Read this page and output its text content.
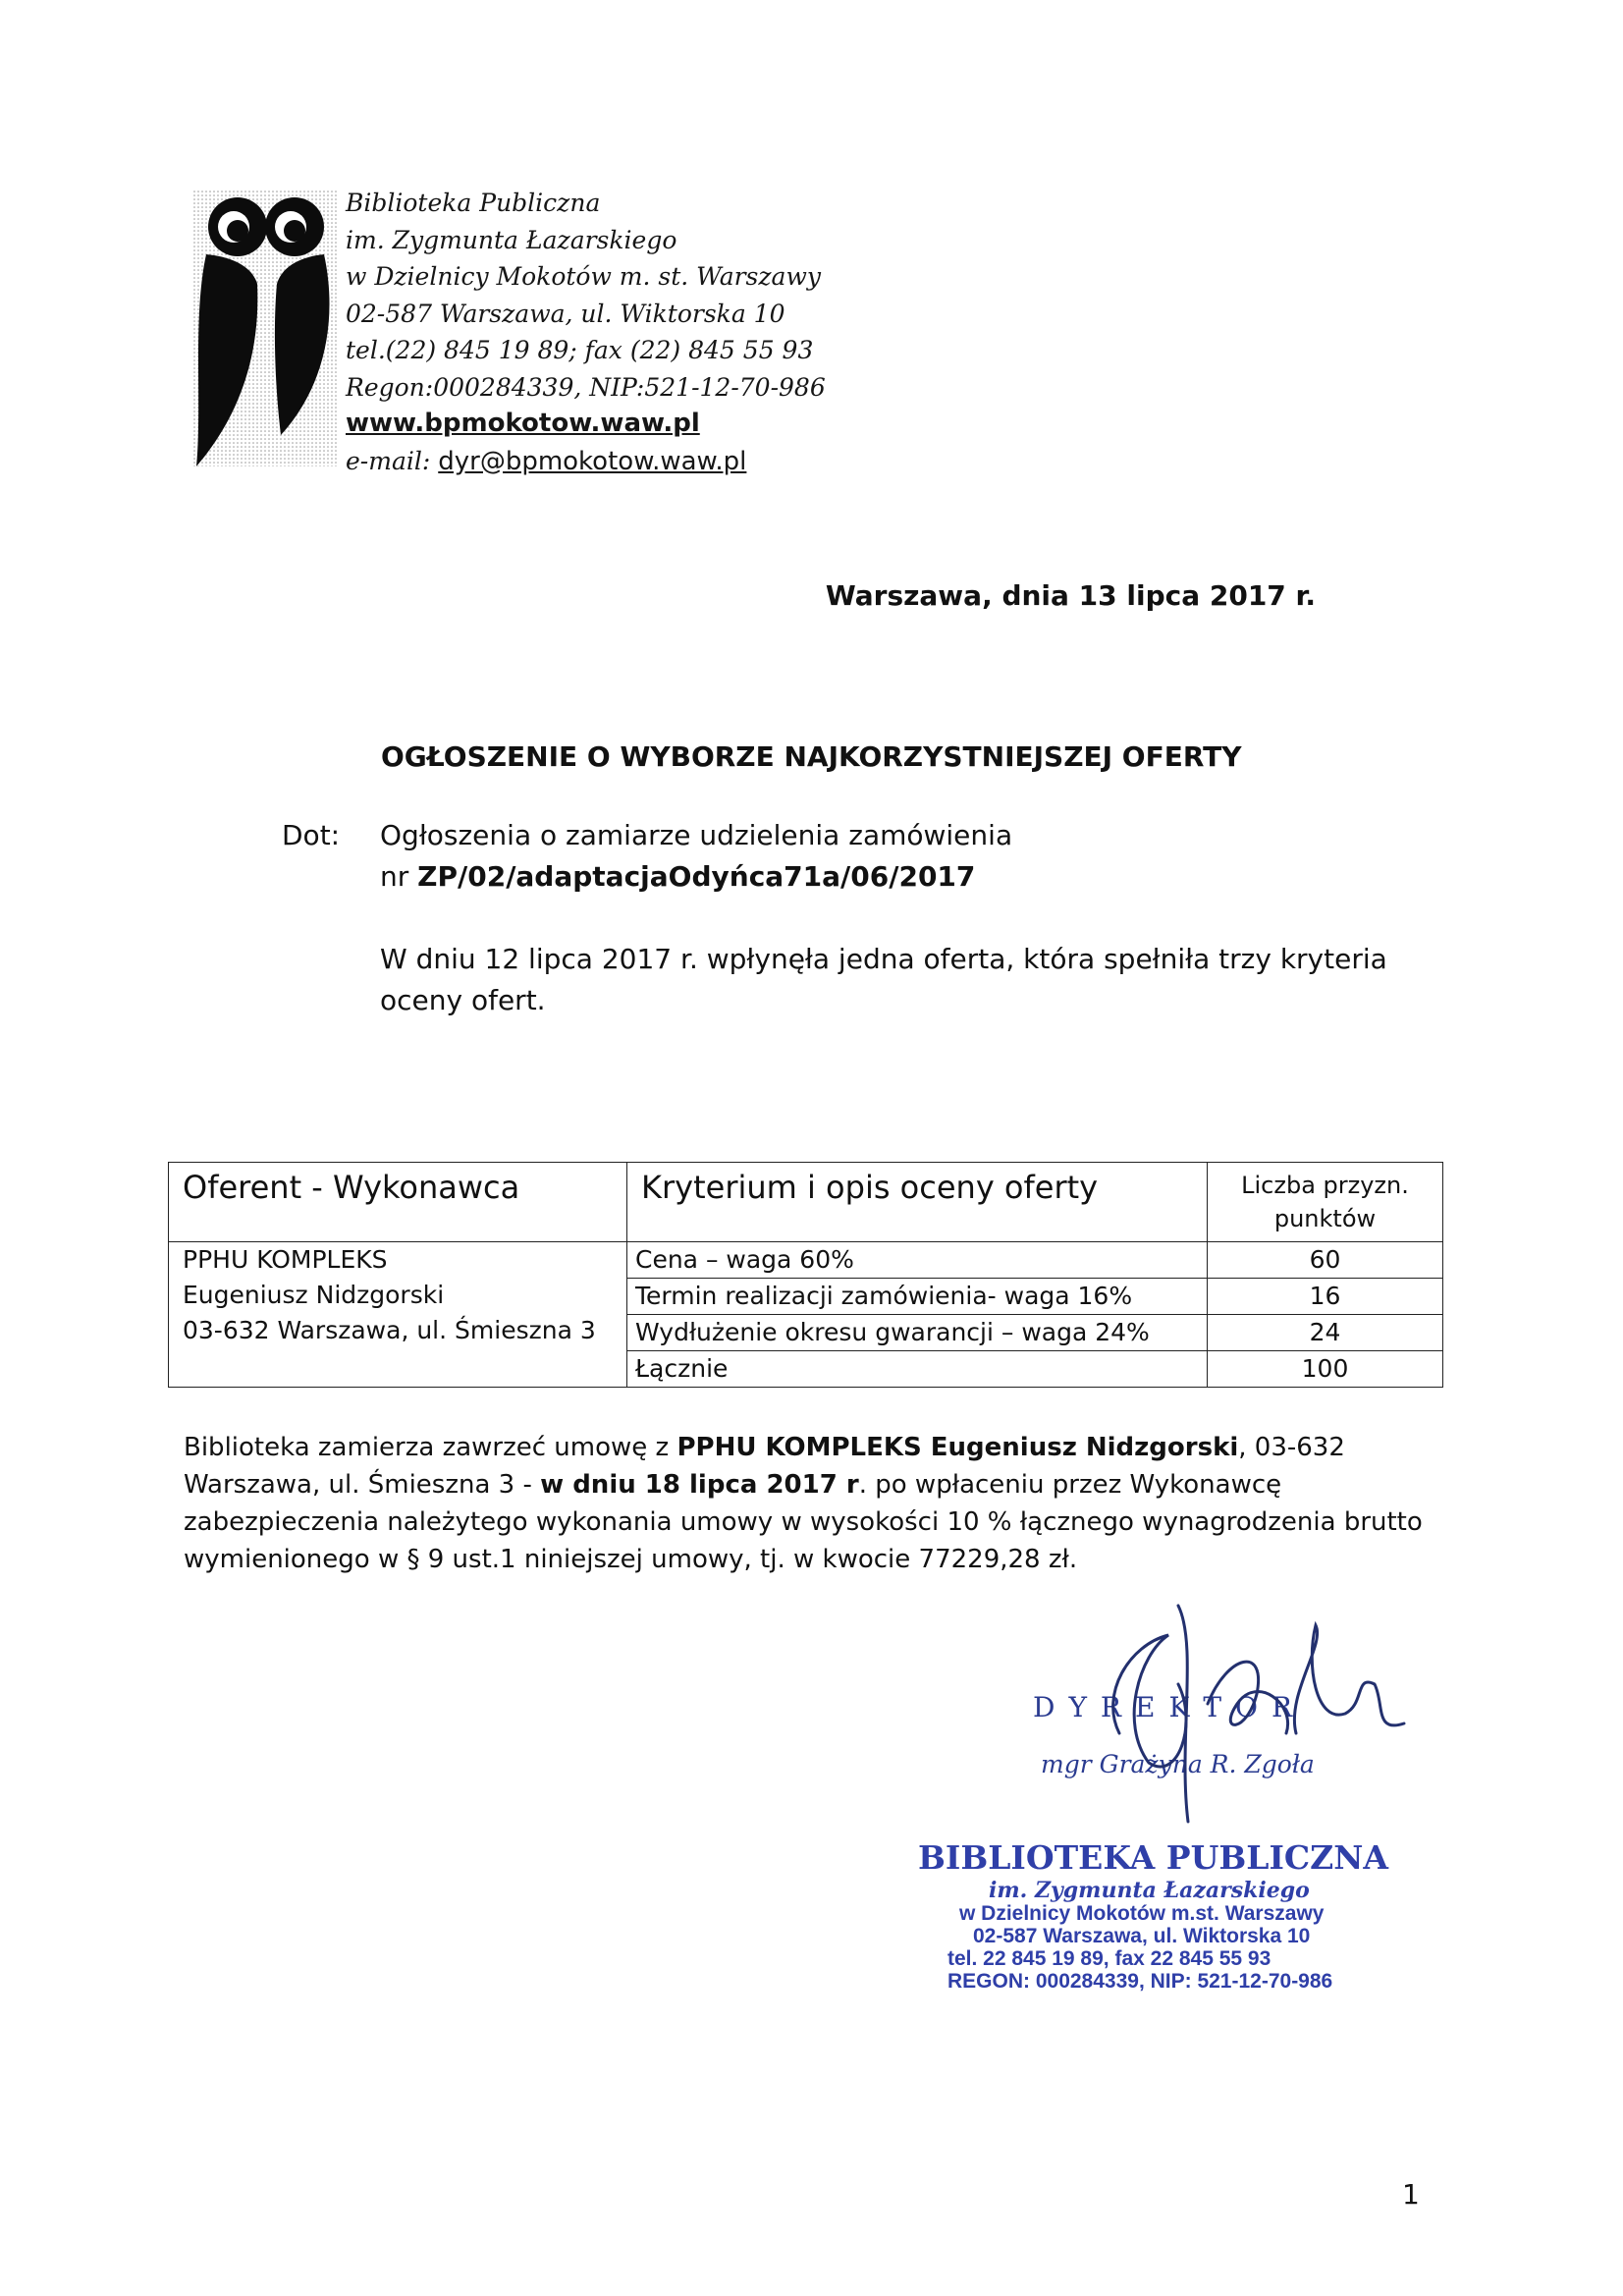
Biblioteka Publiczna
im. Zygmunta Łazarskiego
w Dzielnicy Mokotów m. st. Warszawy
02-587 Warszawa, ul. Wiktorska 10
tel.(22) 845 19 89; fax (22) 845 55 93
Regon:000284339, NIP:521-12-70-986
www.bpmokotow.waw.pl
e-mail: dyr@bpmokotow.waw.pl
Warszawa, dnia 13 lipca 2017 r.
OGŁOSZENIE O WYBORZE NAJKORZYSTNIEJSZEJ OFERTY
Dot: Ogłoszenia o zamiarze udzielenia zamówienia
nr ZP/02/adaptacjaOdyńca71a/06/2017
W dniu 12 lipca 2017 r. wpłynęła jedna oferta, która spełniła trzy kryteria oceny ofert.
Oferent - Wykonawca	Kryterium i opis oceny oferty	Liczba przyzn. punktów

PPHU KOMPLEKS
Eugeniusz Nidzgorski
03-632 Warszawa, ul. Śmieszna 3	Cena – waga 60%	60
	Termin realizacji zamówienia- waga 16%	16
	Wydłużenie okresu gwarancji – waga 24%	24
	Łącznie	100
Biblioteka zamierza zawrzeć umowę z PPHU KOMPLEKS Eugeniusz Nidzgorski, 03-632 Warszawa, ul. Śmieszna 3 - w dniu 18 lipca 2017 r. po wpłaceniu przez Wykonawcę zabezpieczenia należytego wykonania umowy w wysokości 10 % łącznego wynagrodzenia brutto wymienionego w § 9 ust.1 niniejszej umowy, tj. w kwocie 77229,28 zł.
DYREKTOR
mgr Grażyna R. Zgoła
BIBLIOTEKA PUBLICZNA
im. Zygmunta Łazarskiego
w Dzielnicy Mokotów m.st. Warszawy
02-587 Warszawa, ul. Wiktorska 10
tel. 22 845 19 89, fax 22 845 55 93
REGON: 000284339, NIP: 521-12-70-986
1
